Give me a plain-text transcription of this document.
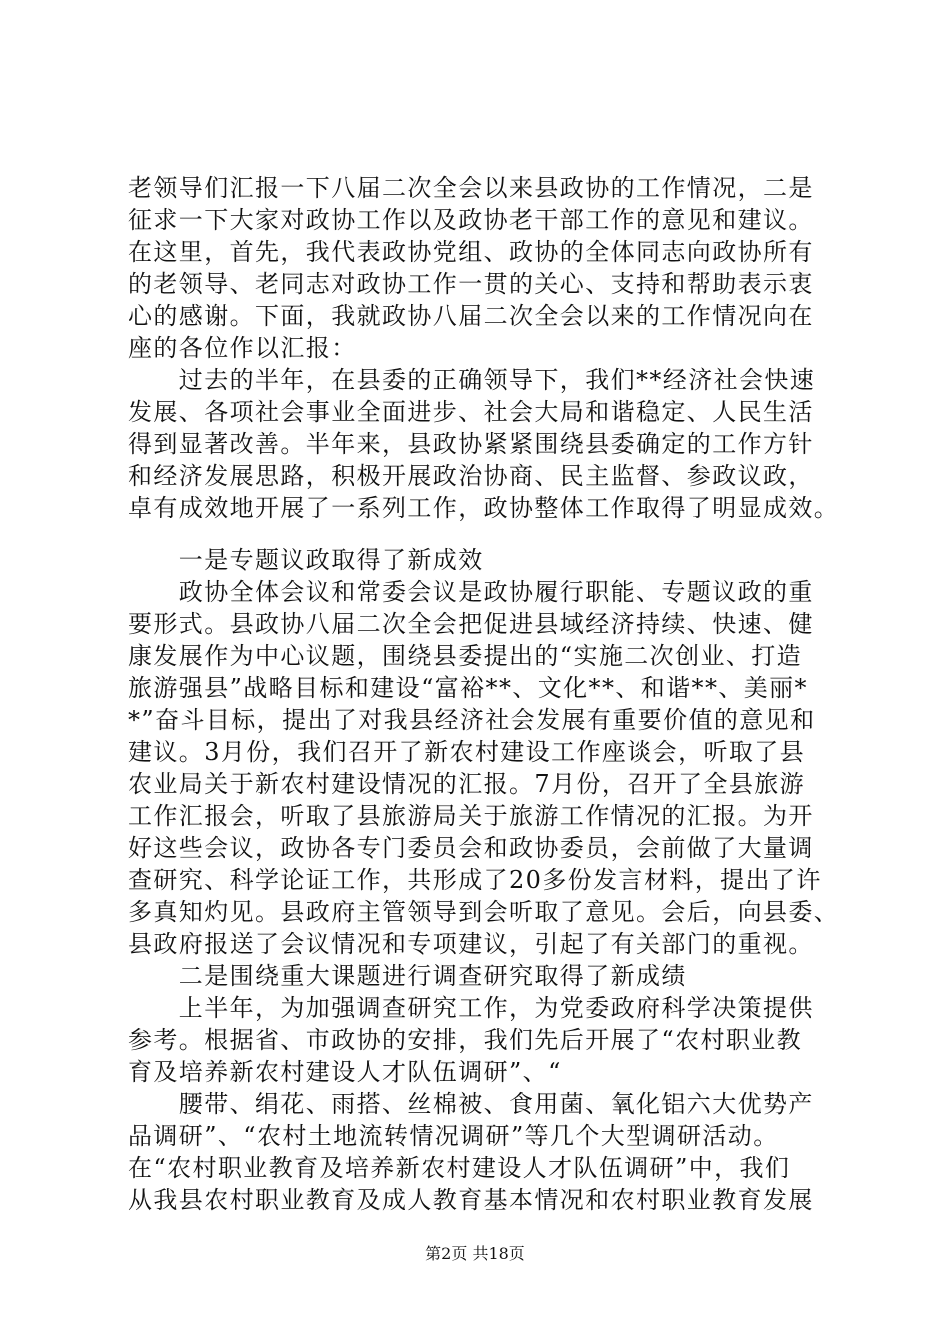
老领导们汇报一下八届二次全会以来县政协的工作情况，二是
征求一下大家对政协工作以及政协老干部工作的意见和建议。
在这里，首先，我代表政协党组、政协的全体同志向政协所有
的老领导、老同志对政协工作一贯的关心、支持和帮助表示衷
心的感谢。下面，我就政协八届二次全会以来的工作情况向在
座的各位作以汇报：
　　过去的半年，在县委的正确领导下，我们**经济社会快速
发展、各项社会事业全面进步、社会大局和谐稳定、人民生活
得到显著改善。半年来，县政协紧紧围绕县委确定的工作方针
和经济发展思路，积极开展政治协商、民主监督、参政议政，
卓有成效地开展了一系列工作，政协整体工作取得了明显成效。
　　一是专题议政取得了新成效
　　政协全体会议和常委会议是政协履行职能、专题议政的重
要形式。县政协八届二次全会把促进县域经济持续、快速、健
康发展作为中心议题，围绕县委提出的“实施二次创业、打造
旅游强县”战略目标和建设“富裕**、文化**、和谐**、美丽*
*”奋斗目标，提出了对我县经济社会发展有重要价值的意见和
建议。3月份，我们召开了新农村建设工作座谈会，听取了县
农业局关于新农村建设情况的汇报。7月份，召开了全县旅游
工作汇报会，听取了县旅游局关于旅游工作情况的汇报。为开
好这些会议，政协各专门委员会和政协委员，会前做了大量调
查研究、科学论证工作，共形成了20多份发言材料，提出了许
多真知灼见。县政府主管领导到会听取了意见。会后，向县委、
县政府报送了会议情况和专项建议，引起了有关部门的重视。
　　二是围绕重大课题进行调查研究取得了新成绩
　　上半年，为加强调查研究工作，为党委政府科学决策提供
参考。根据省、市政协的安排，我们先后开展了“农村职业教
育及培养新农村建设人才队伍调研”、“
　　腰带、绢花、雨搭、丝棉被、食用菌、氧化铝六大优势产
品调研”、“农村土地流转情况调研”等几个大型调研活动。
在“农村职业教育及培养新农村建设人才队伍调研”中，我们
从我县农村职业教育及成人教育基本情况和农村职业教育发展
第2页 共18页
